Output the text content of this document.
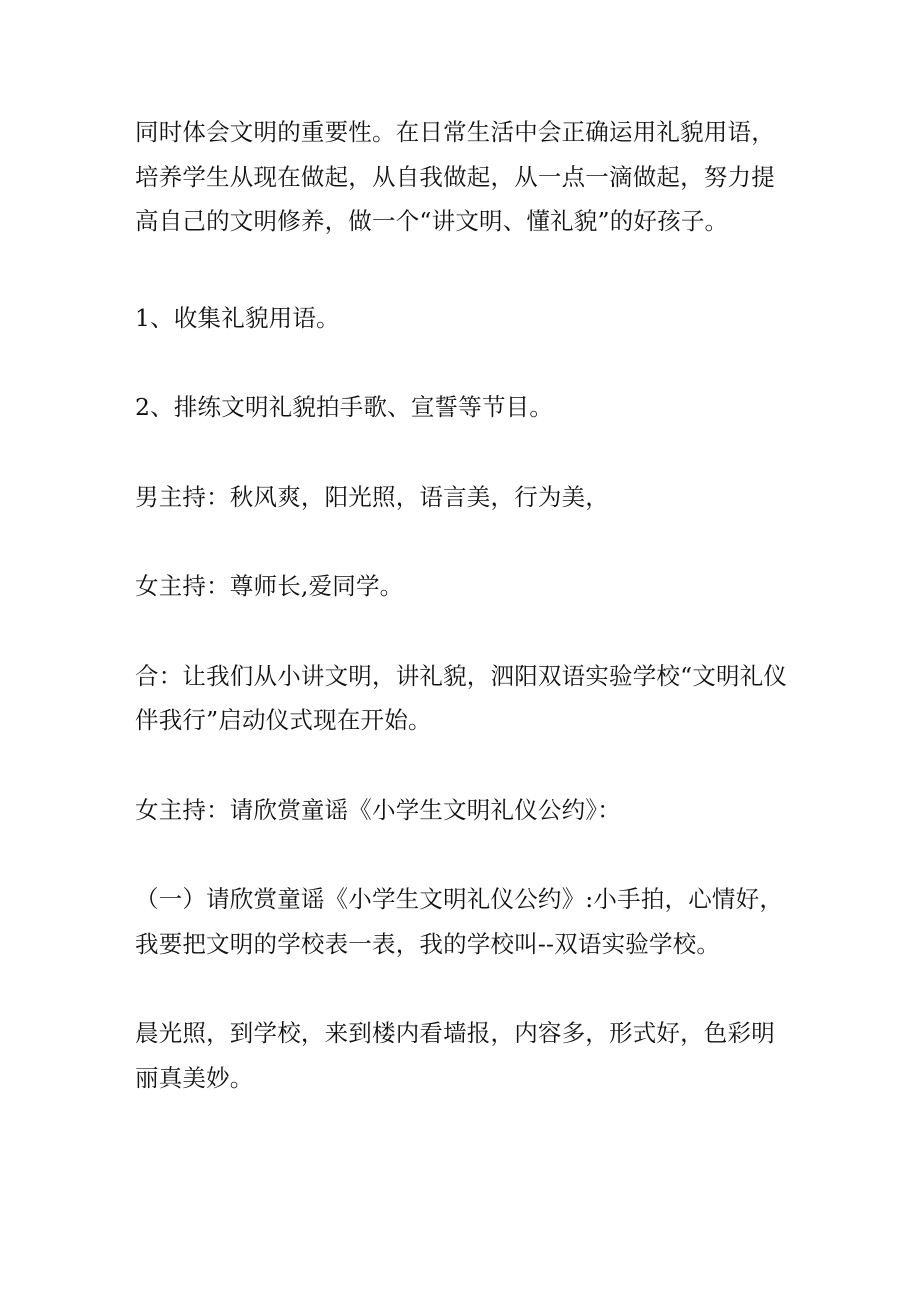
同时体会文明的重要性。在日常生活中会正确运用礼貌用语，培养学生从现在做起，从自我做起，从一点一滴做起，努力提高自己的文明修养，做一个“讲文明、懂礼貌”的好孩子。

1、收集礼貌用语。

2、排练文明礼貌拍手歌、宣誓等节目。

男主持：秋风爽，阳光照，语言美，行为美，

女主持：尊师长,爱同学。

合：让我们从小讲文明，讲礼貌，泗阳双语实验学校“文明礼仪伴我行”启动仪式现在开始。

女主持：请欣赏童谣《小学生文明礼仪公约》：

（一）请欣赏童谣《小学生文明礼仪公约》:小手拍，心情好，我要把文明的学校表一表，我的学校叫--双语实验学校。

晨光照，到学校，来到楼内看墙报，内容多，形式好，色彩明丽真美妙。
